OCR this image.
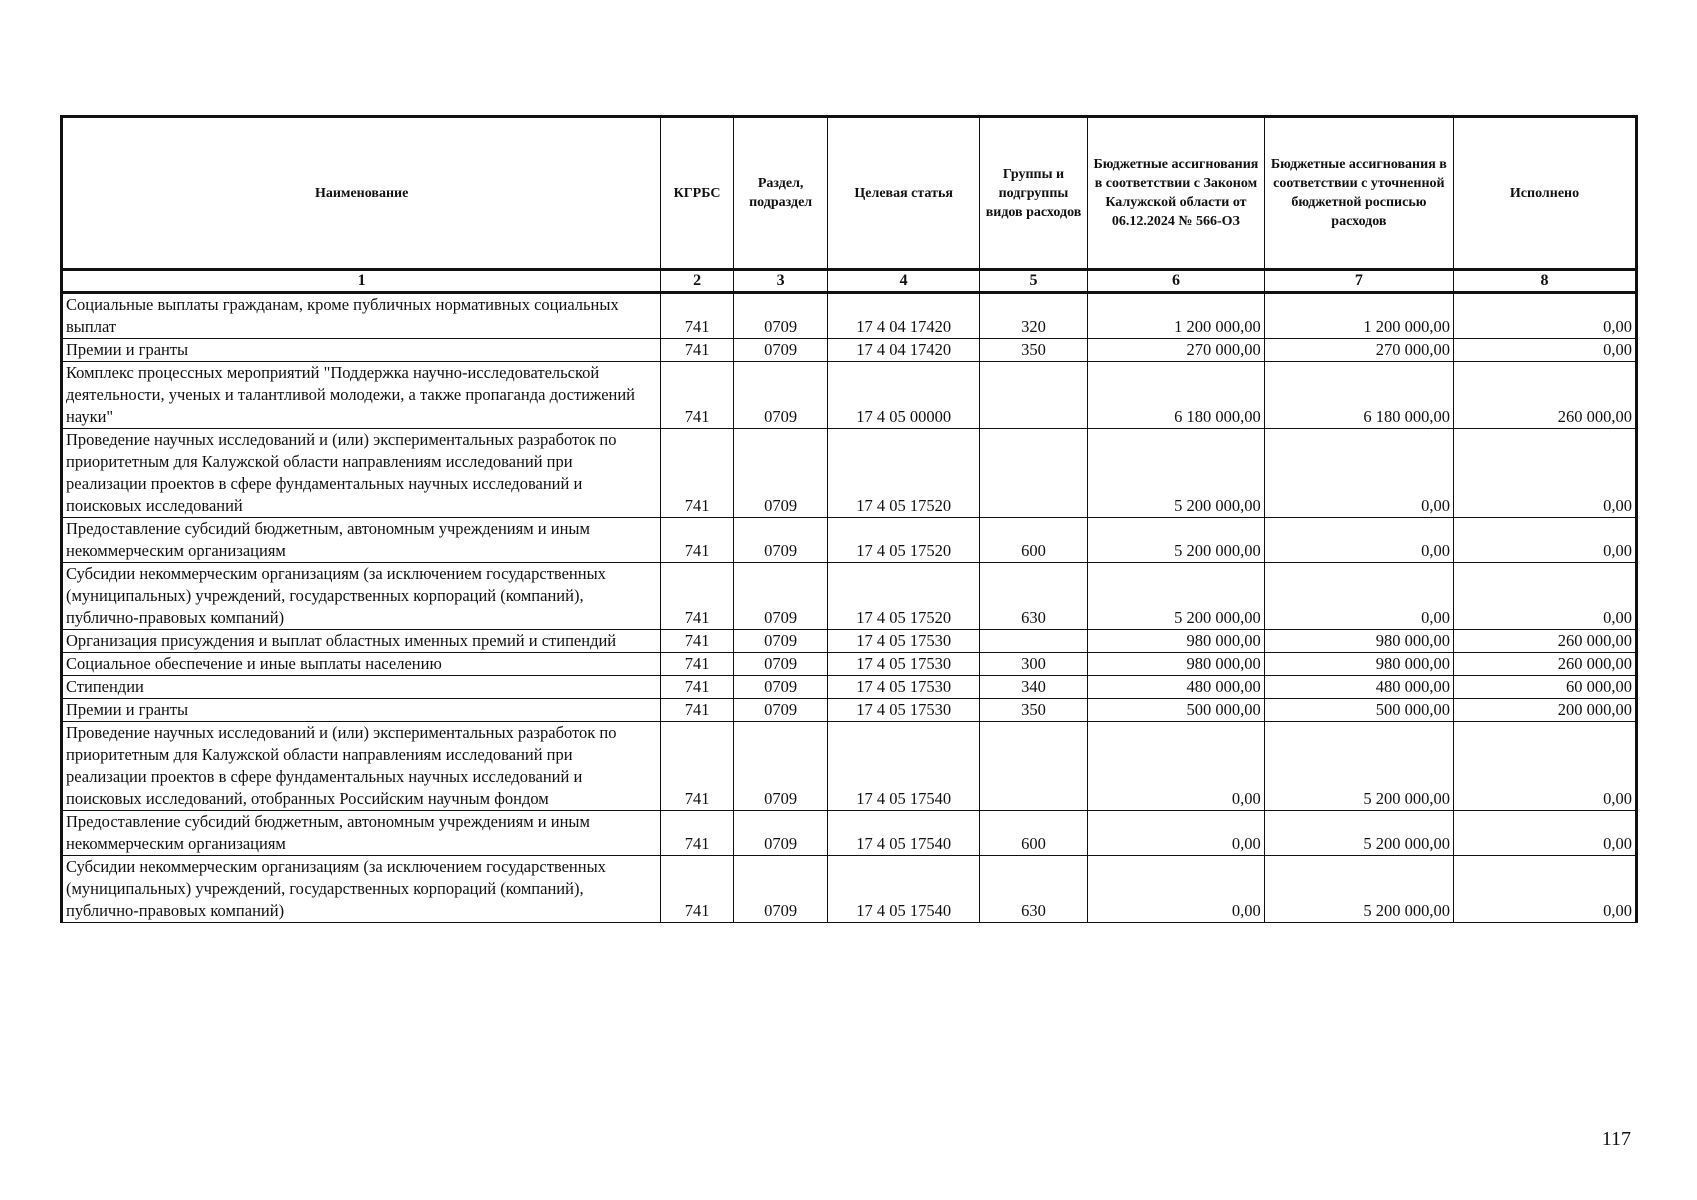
Наименование	КГРБС	Раздел, подраздел	Целевая статья	Группы и подгруппы видов расходов	Бюджетные ассигнования в соответствии с Законом Калужской области от 06.12.2024 № 566-ОЗ	Бюджетные ассигнования в соответствии с уточненной бюджетной росписью расходов	Исполнено
1	2	3	4	5	6	7	8
Социальные выплаты гражданам, кроме публичных нормативных социальных выплат	741	0709	17 4 04 17420	320	1 200 000,00	1 200 000,00	0,00
Премии и гранты	741	0709	17 4 04 17420	350	270 000,00	270 000,00	0,00
Комплекс процессных мероприятий "Поддержка научно-исследовательской деятельности, ученых и талантливой молодежи, а также пропаганда достижений науки"	741	0709	17 4 05 00000		6 180 000,00	6 180 000,00	260 000,00
Проведение научных исследований и (или) экспериментальных разработок по приоритетным для Калужской области направлениям исследований при реализации проектов в сфере фундаментальных научных исследований и поисковых исследований	741	0709	17 4 05 17520		5 200 000,00	0,00	0,00
Предоставление субсидий бюджетным, автономным учреждениям и иным некоммерческим организациям	741	0709	17 4 05 17520	600	5 200 000,00	0,00	0,00
Субсидии некоммерческим организациям (за исключением государственных (муниципальных) учреждений, государственных корпораций (компаний), публично-правовых компаний)	741	0709	17 4 05 17520	630	5 200 000,00	0,00	0,00
Организация присуждения и выплат областных именных премий и стипендий	741	0709	17 4 05 17530		980 000,00	980 000,00	260 000,00
Социальное обеспечение и иные выплаты населению	741	0709	17 4 05 17530	300	980 000,00	980 000,00	260 000,00
Стипендии	741	0709	17 4 05 17530	340	480 000,00	480 000,00	60 000,00
Премии и гранты	741	0709	17 4 05 17530	350	500 000,00	500 000,00	200 000,00
Проведение научных исследований и (или) экспериментальных разработок по приоритетным для Калужской области направлениям исследований при реализации проектов в сфере фундаментальных научных исследований и поисковых исследований, отобранных Российским научным фондом	741	0709	17 4 05 17540		0,00	5 200 000,00	0,00
Предоставление субсидий бюджетным, автономным учреждениям и иным некоммерческим организациям	741	0709	17 4 05 17540	600	0,00	5 200 000,00	0,00
Субсидии некоммерческим организациям (за исключением государственных (муниципальных) учреждений, государственных корпораций (компаний), публично-правовых компаний)	741	0709	17 4 05 17540	630	0,00	5 200 000,00	0,00
117
